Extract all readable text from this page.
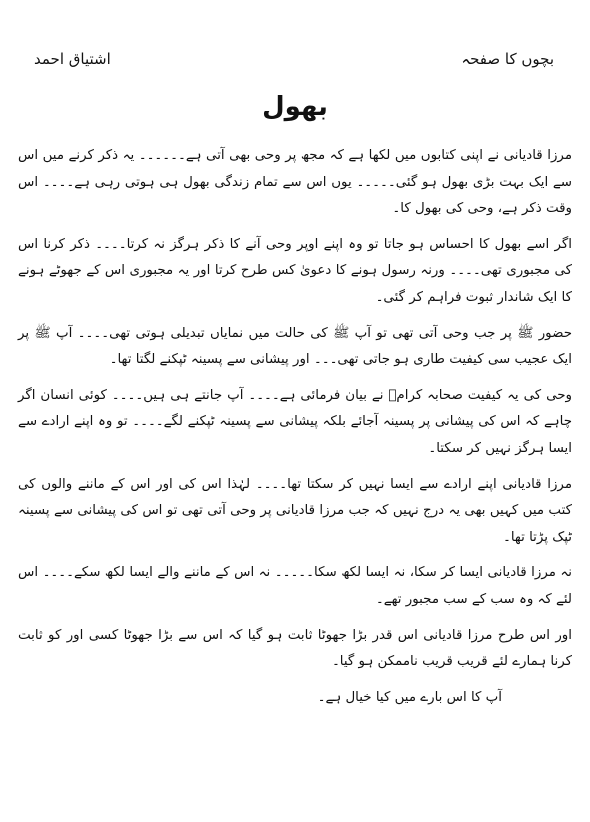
بچوں کا صفحہ
اشتیاق احمد
بھول

مرزا قادیانی نے اپنی کتابوں میں لکھا ہے کہ مجھ پر وحی بھی آتی ہے۔۔۔۔۔۔ یہ ذکر کرنے میں اس سے ایک بہت بڑی بھول ہو گئی۔۔۔۔۔ یوں اس سے تمام زندگی بھول ہی ہوتی رہی ہے۔۔۔۔ اس وقت ذکر ہے، وحی کی بھول کا۔

اگر اسے بھول کا احساس ہو جاتا تو وہ اپنے اوپر وحی آنے کا ذکر ہرگز نہ کرتا۔۔۔۔ ذکر کرنا اس کی مجبوری تھی۔۔۔۔ ورنہ رسول ہونے کا دعویٰ کس طرح کرتا اور یہ مجبوری اس کے جھوٹے ہونے کا ایک شاندار ثبوت فراہم کر گئی۔

حضور ﷺ پر جب وحی آتی تھی تو آپ ﷺ کی حالت میں نمایاں تبدیلی ہوتی تھی۔۔۔۔ آپ ﷺ پر ایک عجیب سی کیفیت طاری ہو جاتی تھی۔۔۔ اور پیشانی سے پسینہ ٹپکنے لگتا تھا۔

وحی کی یہ کیفیت صحابہ کرامؓ نے بیان فرمائی ہے۔۔۔۔ آپ جانتے ہی ہیں۔۔۔۔ کوئی انسان اگر چاہے کہ اس کی پیشانی پر پسینہ آجائے بلکہ پیشانی سے پسینہ ٹپکنے لگے۔۔۔۔ تو وہ اپنے ارادے سے ایسا ہرگز نہیں کر سکتا۔

مرزا قادیانی اپنے ارادے سے ایسا نہیں کر سکتا تھا۔۔۔۔ لہٰذا اس کی اور اس کے ماننے والوں کی کتب میں کہیں بھی یہ درج نہیں کہ جب مرزا قادیانی پر وحی آتی تھی تو اس کی پیشانی سے پسینہ ٹپک پڑتا تھا۔

نہ مرزا قادیانی ایسا کر سکا، نہ ایسا لکھ سکا۔۔۔۔۔ نہ اس کے ماننے والے ایسا لکھ سکے۔۔۔۔ اس لئے کہ وہ سب کے سب مجبور تھے۔

اور اس طرح مرزا قادیانی اس قدر بڑا جھوٹا ثابت ہو گیا کہ اس سے بڑا جھوٹا کسی اور کو ثابت کرنا ہمارے لئے قریب قریب ناممکن ہو گیا۔

آپ کا اس بارے میں کیا خیال ہے۔
